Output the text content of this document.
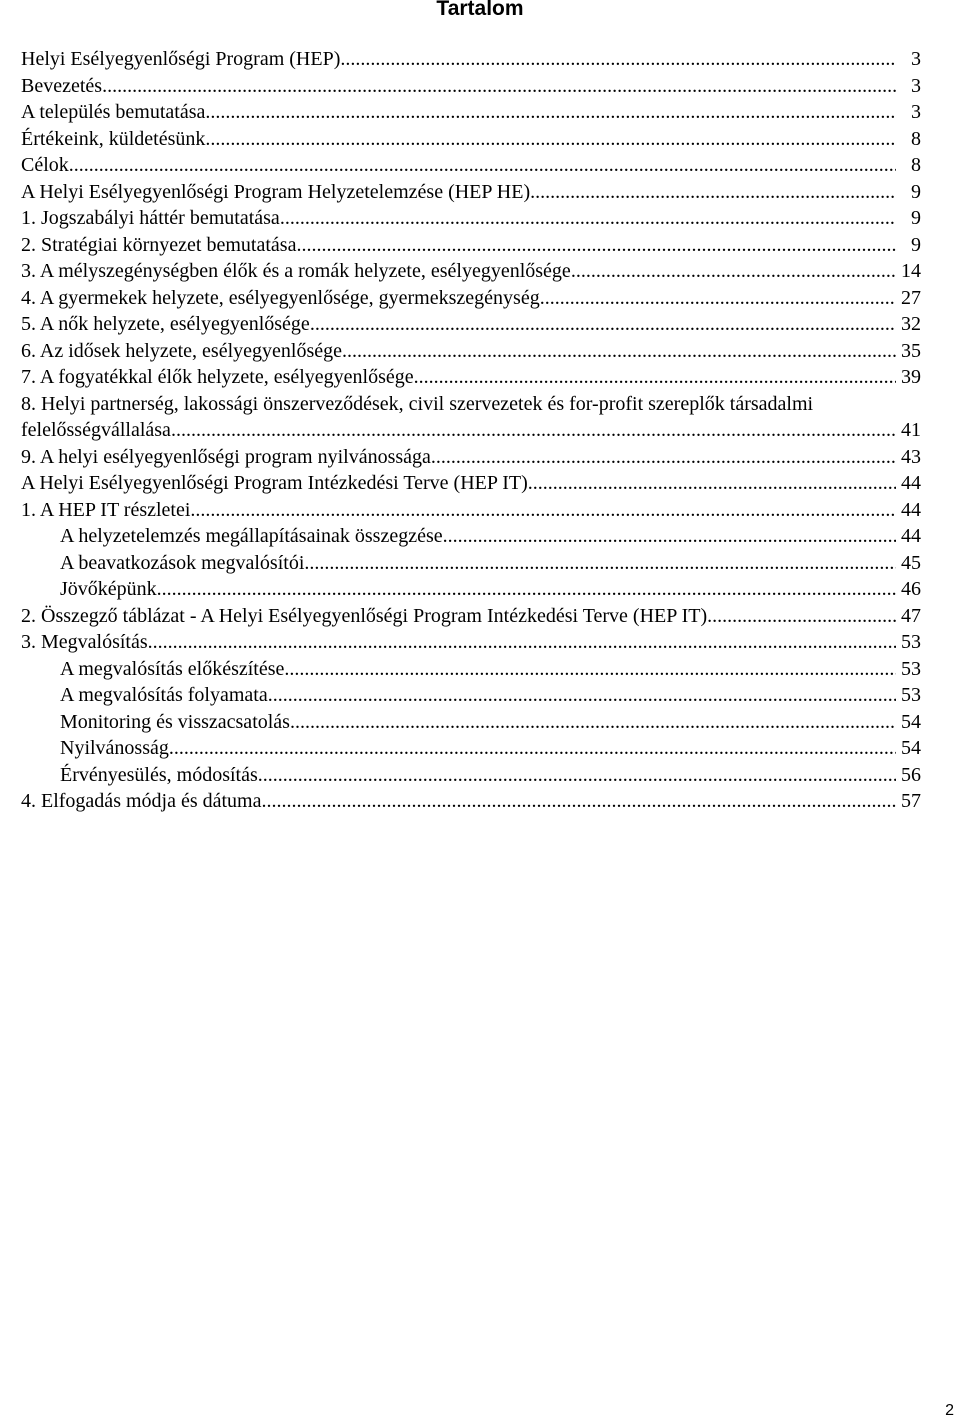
Tartalom
Helyi Esélyegyenlőségi Program (HEP) .....	3
Bevezetés .....	3
A település bemutatása .....	3
Értékeink, küldetésünk .....	8
Célok .....	8
A Helyi Esélyegyenlőségi Program Helyzetelemzése (HEP HE) .....	9
1. Jogszabályi háttér bemutatása .....	9
2. Stratégiai környezet bemutatása .....	9
3. A mélyszegénységben élők és a romák helyzete, esélyegyenlősége .....	14
4. A gyermekek helyzete, esélyegyenlősége, gyermekszegénység .....	27
5. A nők helyzete, esélyegyenlősége .....	32
6. Az idősek helyzete, esélyegyenlősége .....	35
7. A fogyatékkal élők helyzete, esélyegyenlősége .....	39
8. Helyi partnerség, lakossági önszerveződések, civil szervezetek és for-profit szereplők társadalmi
felelősségvállalása .....	41
9. A helyi esélyegyenlőségi program nyilvánossága .....	43
A Helyi Esélyegyenlőségi Program Intézkedési Terve (HEP IT) .....	44
1. A HEP IT részletei .....	44
A helyzetelemzés megállapításainak összegzése .....	44
A beavatkozások megvalósítói .....	45
Jövőképünk .....	46
2. Összegző táblázat - A Helyi Esélyegyenlőségi Program Intézkedési Terve (HEP IT) .....	47
3. Megvalósítás .....	53
A megvalósítás előkészítése .....	53
A megvalósítás folyamata .....	53
Monitoring és visszacsatolás .....	54
Nyilvánosság .....	54
Érvényesülés, módosítás .....	56
4. Elfogadás módja és dátuma .....	57
2
